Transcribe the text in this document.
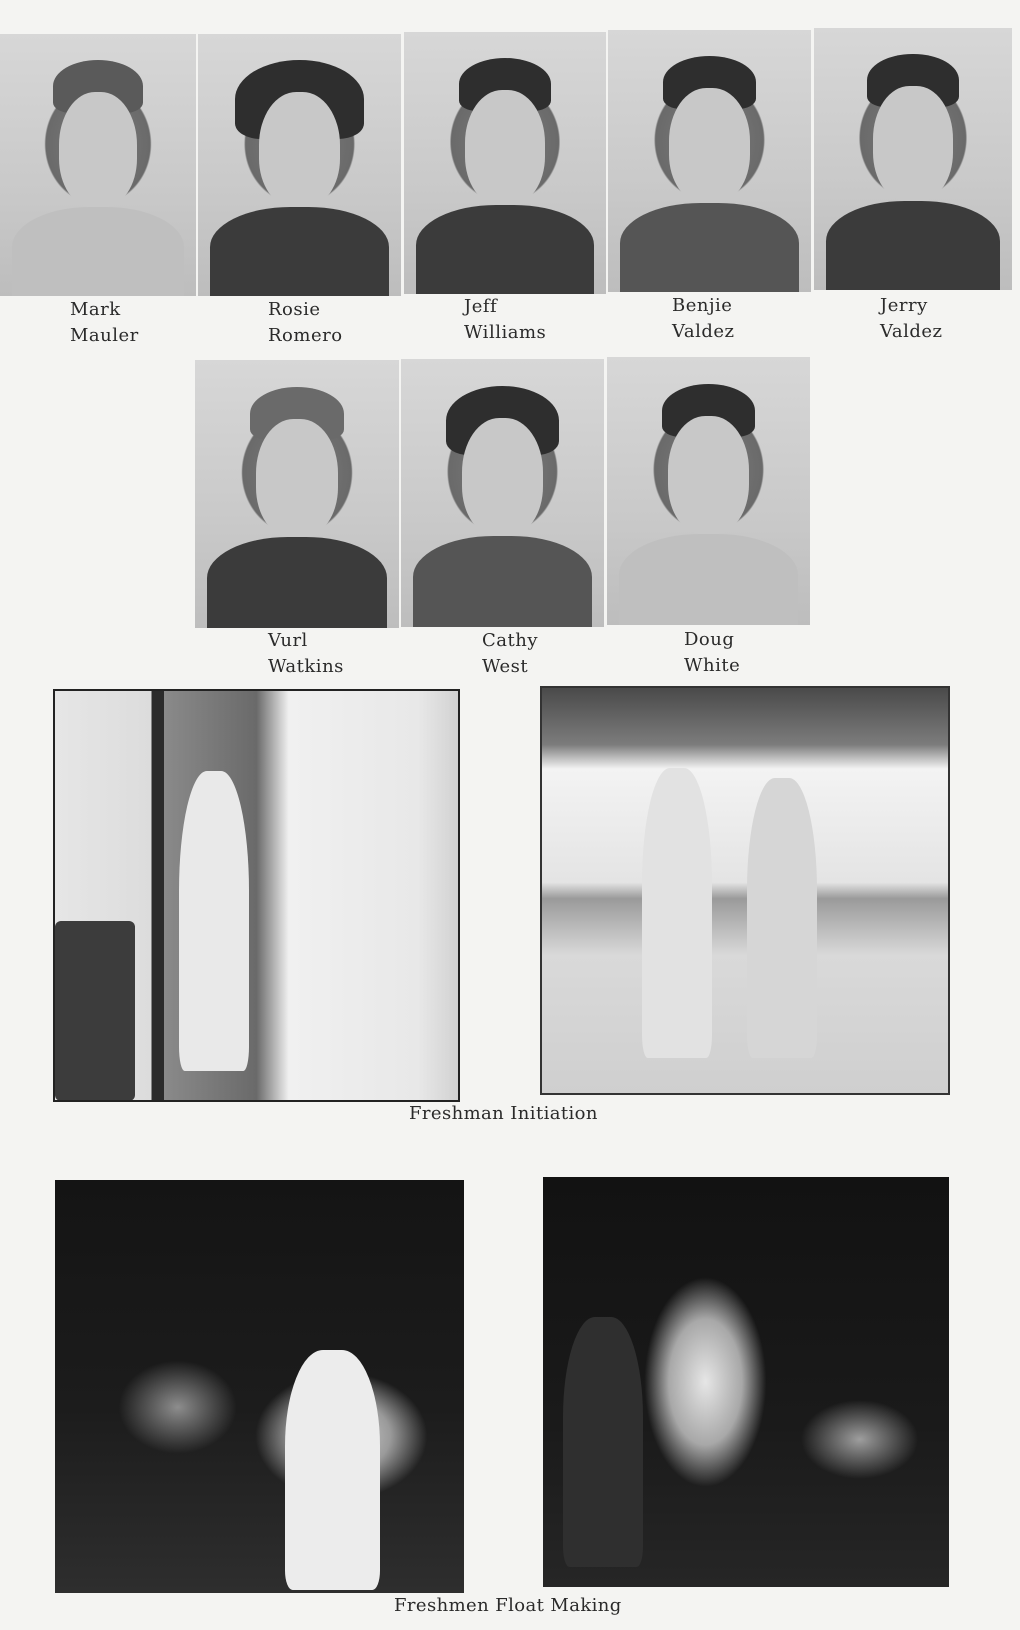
Mark
Mauler
Rosie
Romero
Jeff
Williams
Benjie
Valdez
Jerry
Valdez
Vurl
Watkins
Cathy
West
Doug
White
Freshman Initiation
Freshmen Float Making
